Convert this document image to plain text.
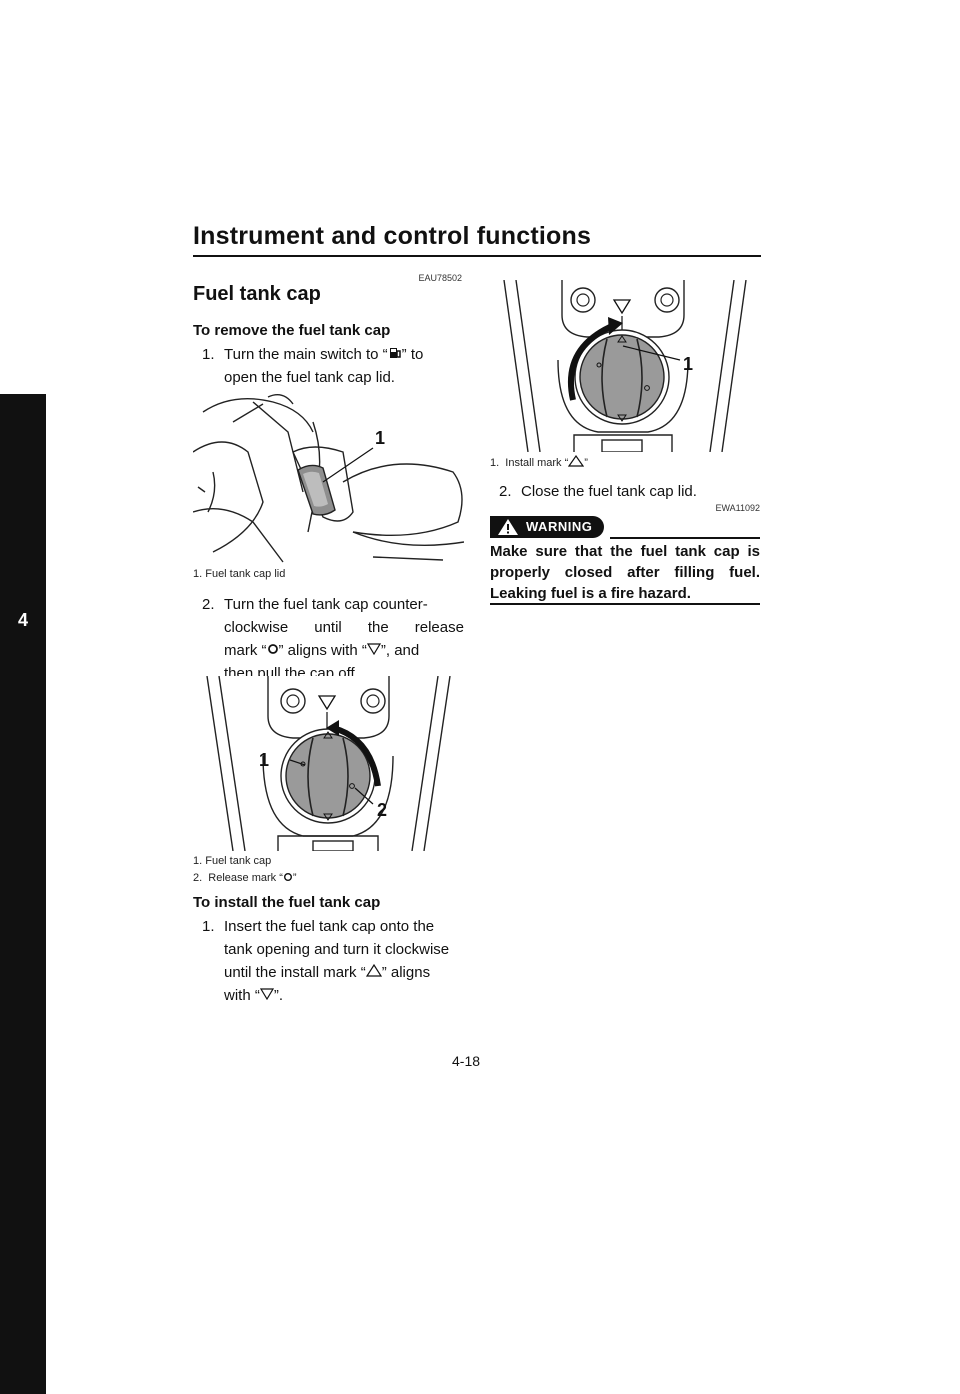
Instrument and control functions
4
EAU78502
Fuel tank cap
To remove the fuel tank cap
1. Turn the main switch to “ ” to
open the fuel tank cap lid.
1
1. Fuel tank cap lid
2. Turn the fuel tank cap counter-
clockwise until the release
mark “ ” aligns with “ ”, and
then pull the cap off.
1
2
1. Fuel tank cap
2.  Release mark “ ”
To install the fuel tank cap
1. Insert the fuel tank cap onto the
tank opening and turn it clockwise
until the install mark “ ” aligns
with “ ”.
1
1.  Install mark “ ”
2. Close the fuel tank cap lid.
EWA11092
WARNING
Make sure that the fuel tank cap is properly closed after filling fuel. Leaking fuel is a fire hazard.
4-18
